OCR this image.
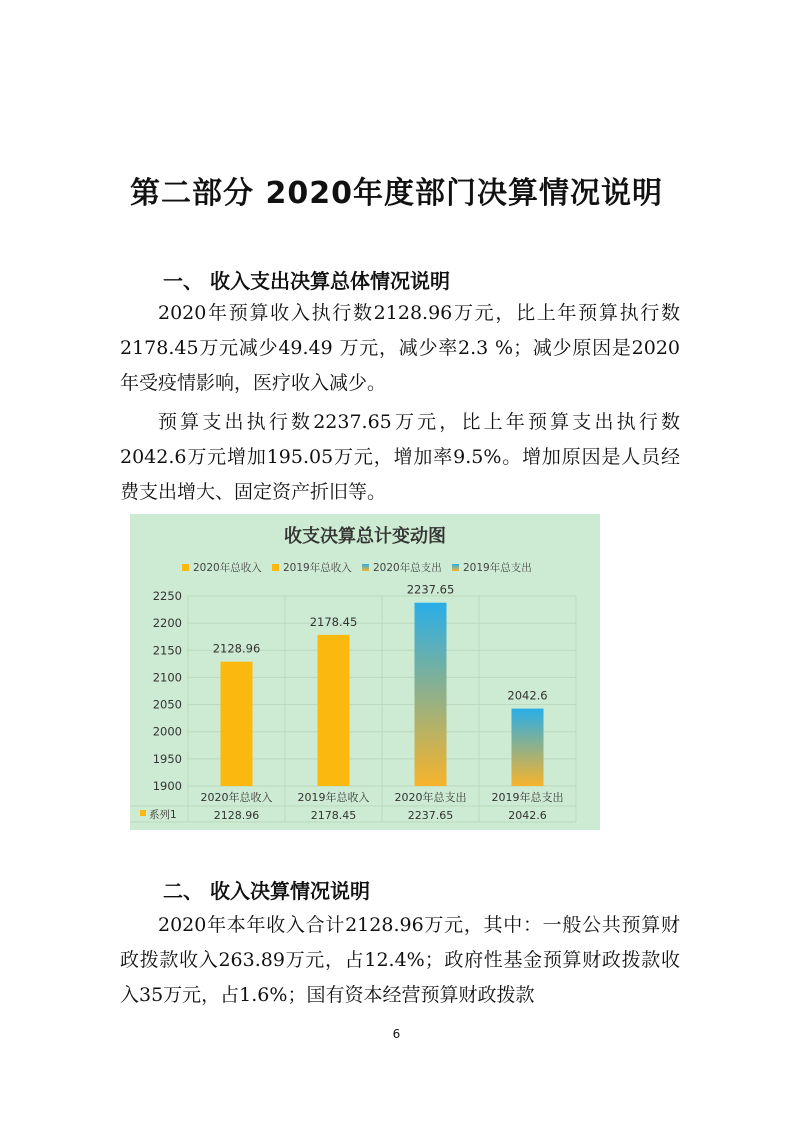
第二部分 2020年度部门决算情况说明
一、 收入支出决算总体情况说明

2020年预算收入执行数2128.96万元，比上年预算执行数2178.45万元减少49.49 万元，减少率2.3 %；减少原因是2020年受疫情影响，医疗收入减少。

预算支出执行数2237.65万元，比上年预算支出执行数2042.6万元增加195.05万元，增加率9.5%。增加原因是人员经费支出增大、固定资产折旧等。

收支决算总计变动图
2020年总收入 2019年总收入 2020年总支出 2019年总支出
2250
2200
2150
2100
2050
2000
1950
1900
2128.96
2020年总收入
2128.96
2178.45
2019年总收入
2178.45
2237.65
2020年总支出
2237.65
2042.6
2019年总支出
2042.6
系列1
二、 收入决算情况说明

2020年本年收入合计2128.96万元，其中：一般公共预算财政拨款收入263.89万元，占12.4%；政府性基金预算财政拨款收入35万元，占1.6%；国有资本经营预算财政拨款

6
